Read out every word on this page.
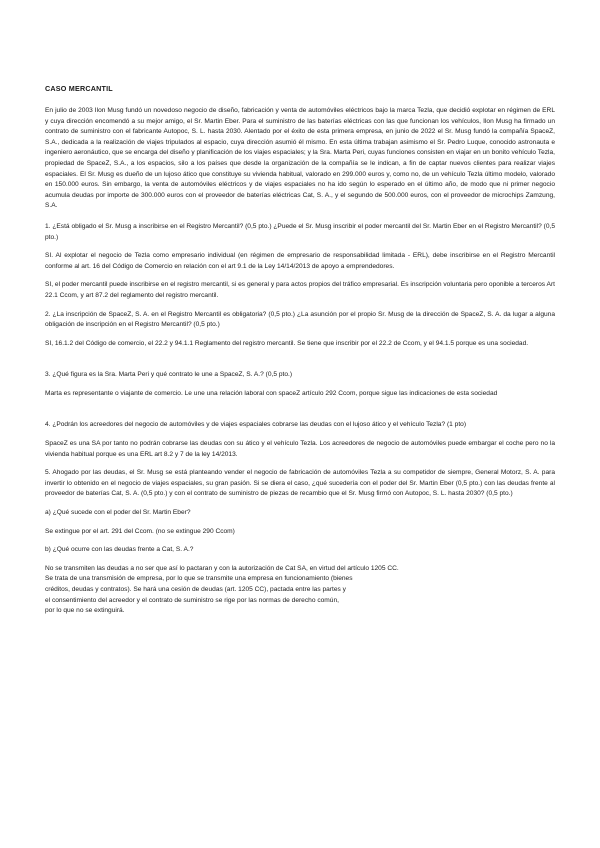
CASO MERCANTIL

En julio de 2003 Ilon Musg fundó un novedoso negocio de diseño, fabricación y venta de automóviles eléctricos bajo la marca Tezla, que decidió explotar en régimen de ERL y cuya dirección encomendó a su mejor amigo, el Sr. Martin Eber. Para el suministro de las baterías eléctricas con las que funcionan los vehículos, Ilon Musg ha firmado un contrato de suministro con el fabricante Autopoc, S. L. hasta 2030. Alentado por el éxito de esta primera empresa, en junio de 2022 el Sr. Musg fundó la compañía SpaceZ, S.A., dedicada a la realización de viajes tripulados al espacio, cuya dirección asumió él mismo. En esta última trabajan asimismo el Sr. Pedro Luque, conocido astronauta e ingeniero aeronáutico, que se encarga del diseño y planificación de los viajes espaciales; y la Sra. Marta Peri, cuyas funciones consisten en viajar en un bonito vehículo Tezla, propiedad de SpaceZ, S.A., a los espacios, silo a los países que desde la organización de la compañía se le indican, a fin de captar nuevos clientes para realizar viajes espaciales. El Sr. Musg es dueño de un lujoso ático que constituye su vivienda habitual, valorado en 299.000 euros y, como no, de un vehículo Tezla último modelo, valorado en 150.000 euros. Sin embargo, la venta de automóviles eléctricos y de viajes espaciales no ha ido según lo esperado en el último año, de modo que ni primer negocio acumula deudas por importe de 300.000 euros con el proveedor de baterías eléctricas Cat, S. A., y el segundo de 500.000 euros, con el proveedor de microchips Zamzung, S.A.

1. ¿Está obligado el Sr. Musg a inscribirse en el Registro Mercantil? (0,5 pto.) ¿Puede el Sr. Musg inscribir el poder mercantil del Sr. Martin Eber en el Registro Mercantil? (0,5 pto.)

SI. Al explotar el negocio de Tezla como empresario individual (en régimen de empresario de responsabilidad limitada - ERL), debe inscribirse en el Registro Mercantil conforme al art. 16 del Código de Comercio en relación con el art 9.1 de la Ley 14/14/2013 de apoyo a emprendedores.

SI, el poder mercantil puede inscribirse en el registro mercantil, si es general y para actos propios del tráfico empresarial. Es inscripción voluntaria pero oponible a terceros Art 22.1 Ccom, y art 87.2 del reglamento del registro mercantil.

2. ¿La inscripción de SpaceZ, S. A. en el Registro Mercantil es obligatoria? (0,5 pto.) ¿La asunción por el propio Sr. Musg de la dirección de SpaceZ, S. A. da lugar a alguna obligación de inscripción en el Registro Mercantil? (0,5 pto.)

SI, 16.1.2 del Código de comercio, el 22.2 y 94.1.1 Reglamento del registro mercantil. Se tiene que inscribir por el 22.2 de Ccom, y el 94.1.5 porque es una sociedad.

3. ¿Qué figura es la Sra. Marta Peri y qué contrato le une a SpaceZ, S. A.? (0,5 pto.)

Marta es representante o viajante de comercio. Le une una relación laboral con spaceZ artículo 292 Ccom, porque sigue las indicaciones de esta sociedad

4. ¿Podrán los acreedores del negocio de automóviles y de viajes espaciales cobrarse las deudas con el lujoso ático y el vehículo Tezla? (1 pto)

SpaceZ es una SA por tanto no podrán cobrarse las deudas con su ático y el vehículo Tezla. Los acreedores de negocio de automóviles puede embargar el coche pero no la vivienda habitual porque es una ERL art 8.2 y 7 de la ley 14/2013.

5. Ahogado por las deudas, el Sr. Musg se está planteando vender el negocio de fabricación de automóviles Tezla a su competidor de siempre, General Motorz, S. A. para invertir lo obtenido en el negocio de viajes espaciales, su gran pasión. Si se diera el caso, ¿qué sucedería con el poder del Sr. Martin Eber (0,5 pto.) con las deudas frente al proveedor de baterías Cat, S. A. (0,5 pto.) y con el contrato de suministro de piezas de recambio que el Sr. Musg firmó con Autopoc, S. L. hasta 2030? (0,5 pto.)

a) ¿Qué sucede con el poder del Sr. Martin Eber?

Se extingue por el art. 291 del Ccom. (no se extingue 290 Ccom)

b) ¿Qué ocurre con las deudas frente a Cat, S. A.?

No se transmiten las deudas a no ser que así lo pactaran y con la autorización de Cat SA, en virtud del artículo 1205 CC.
Se trata de una transmisión de empresa, por lo que se transmite una empresa en funcionamiento (bienes
créditos, deudas y contratos). Se hará una cesión de deudas (art. 1205 CC), pactada entre las partes y
el consentimiento del acreedor y el contrato de suministro se rige por las normas de derecho común,
por lo que no se extinguirá.
